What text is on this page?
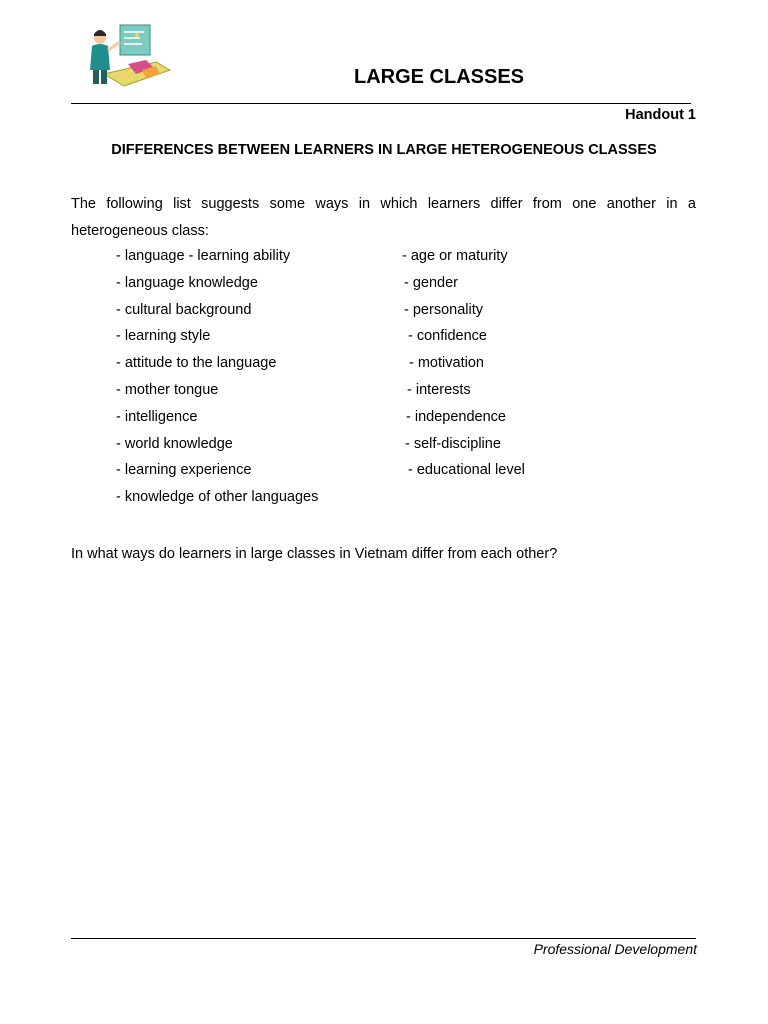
LARGE CLASSES
Handout 1
DIFFERENCES BETWEEN LEARNERS IN LARGE HETEROGENEOUS CLASSES
The following list suggests some ways in which learners differ from one another in a heterogeneous class:
- language - learning ability
- language knowledge
- cultural background
- learning style
- attitude to the language
- mother tongue
- intelligence
- world knowledge
- learning experience
- knowledge of other languages
- age or maturity
- gender
- personality
- confidence
- motivation
- interests
- independence
- self-discipline
- educational level
In what ways do learners in large classes in Vietnam differ from each other?
Professional Development
